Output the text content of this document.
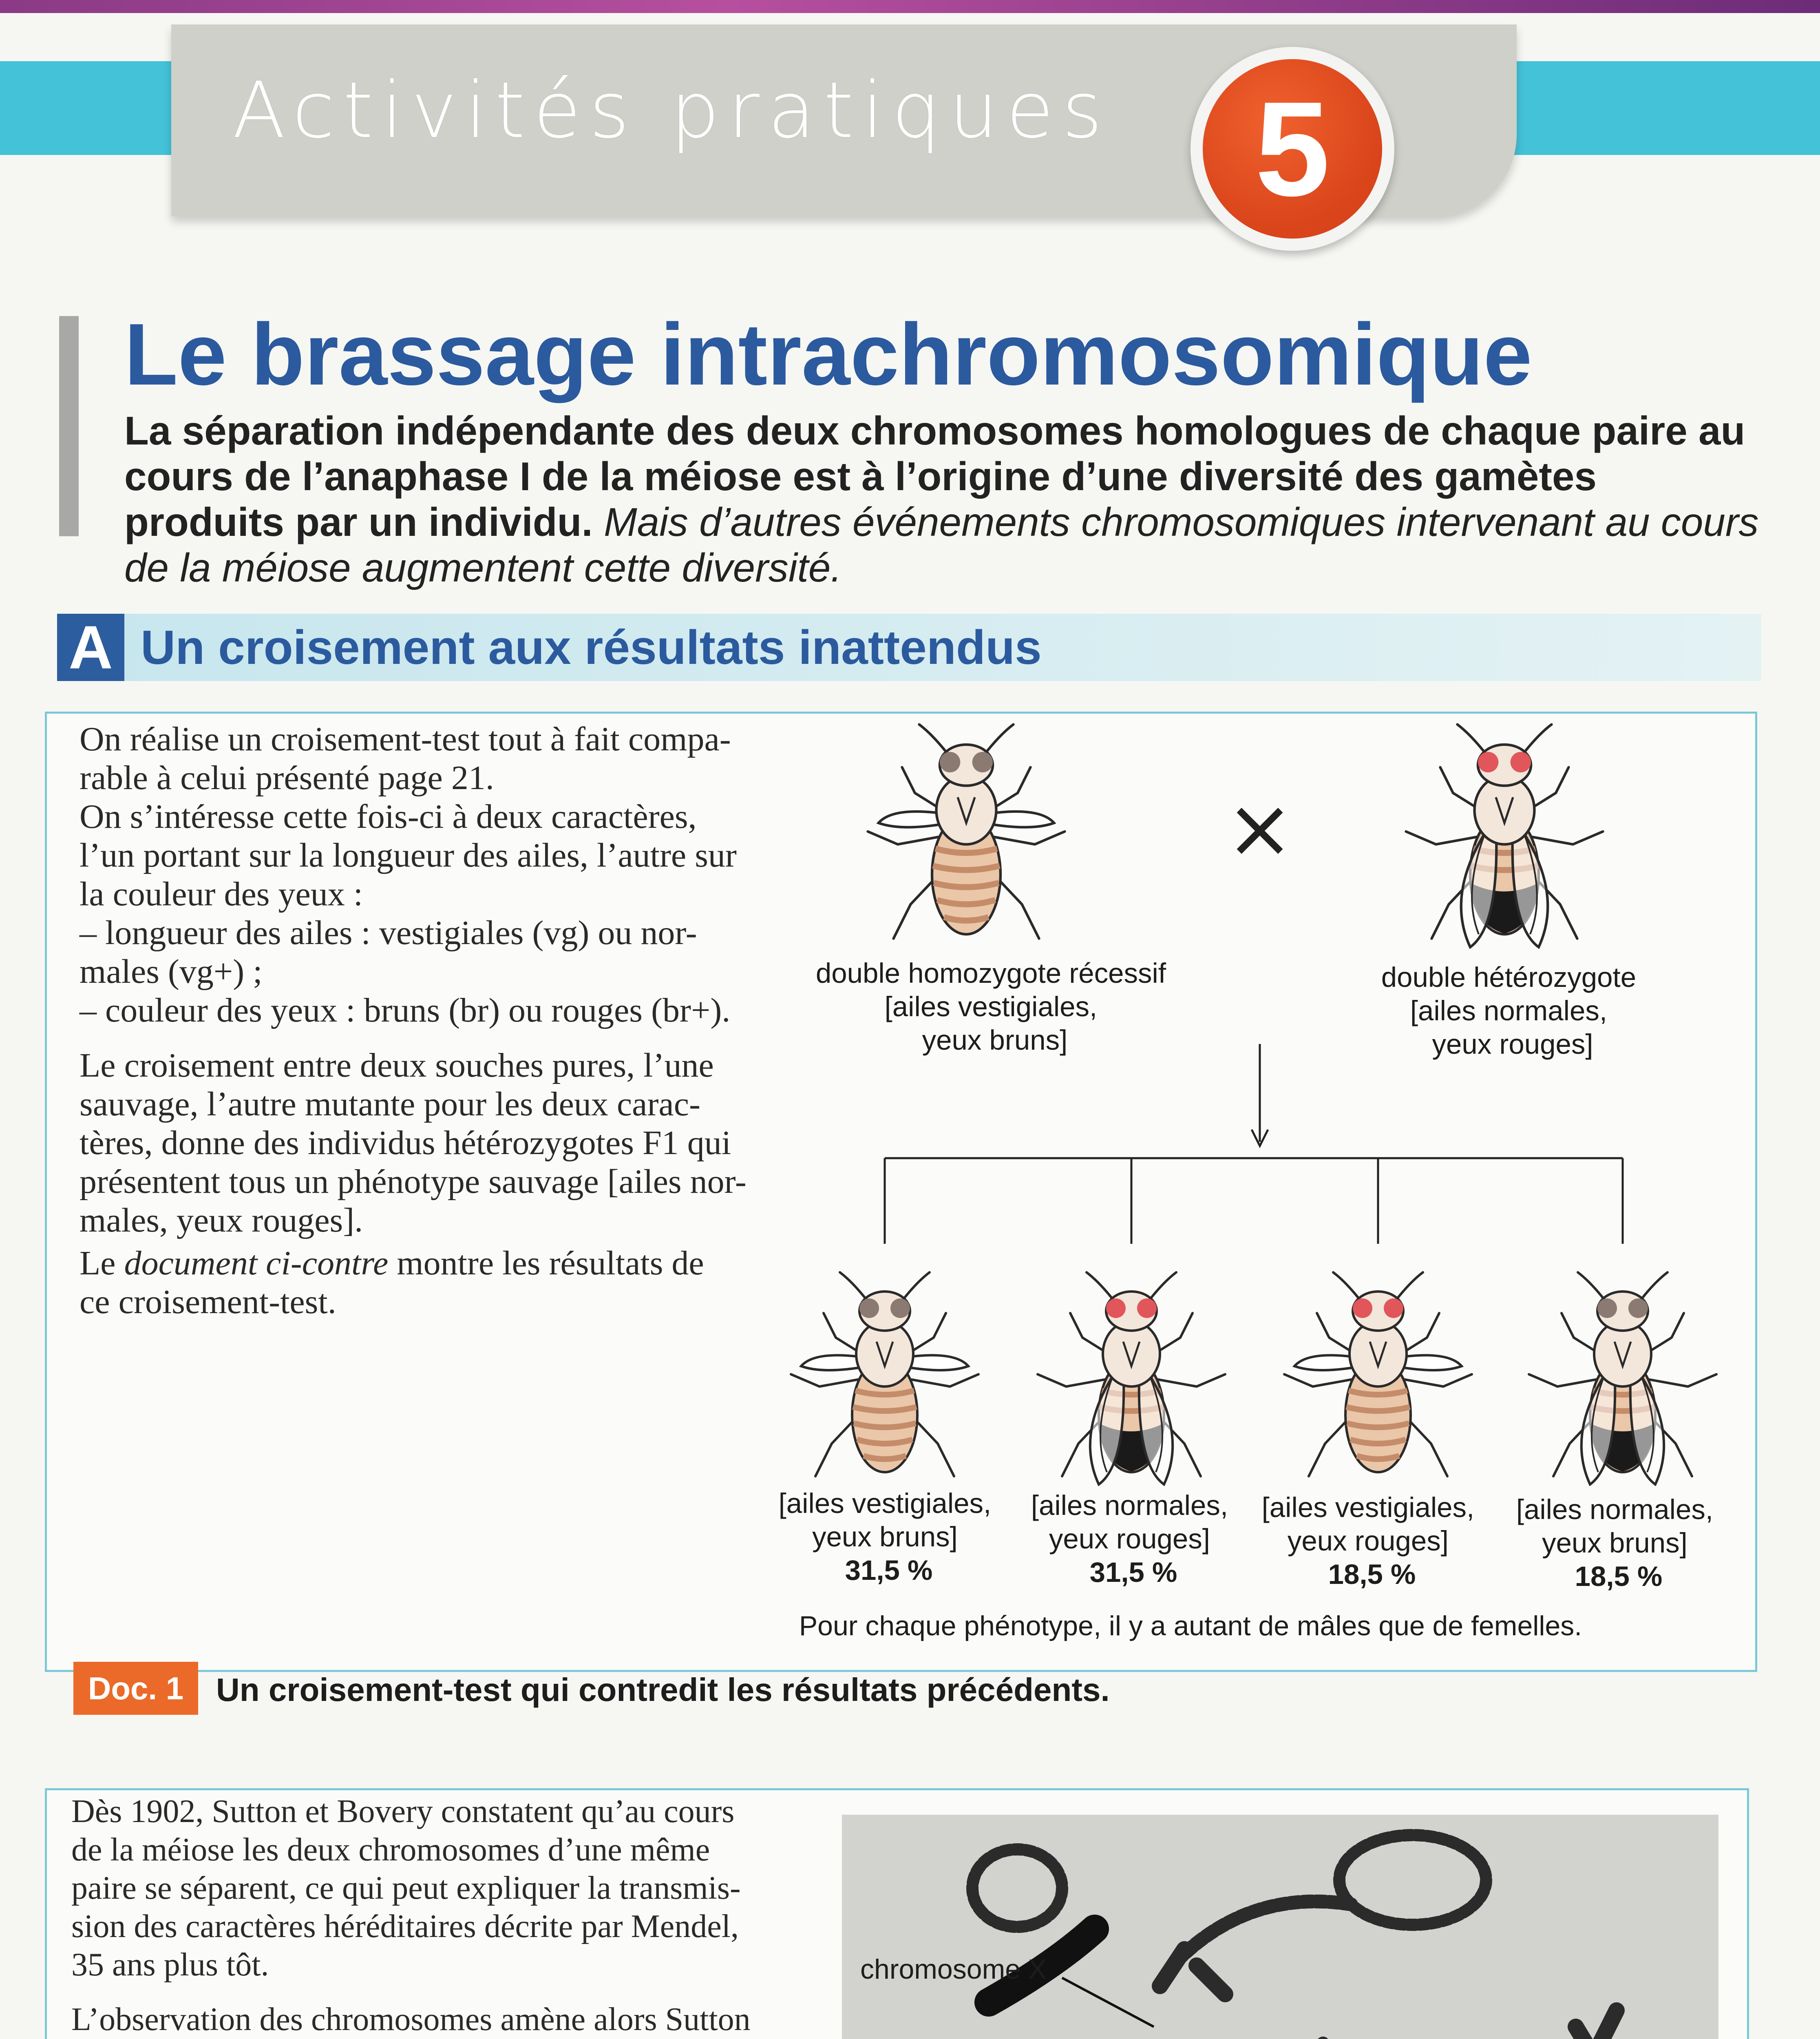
Activités pratiques	5
Le brassage intrachromosomique
La séparation indépendante des deux chromosomes homologues de chaque paire au cours de l’anaphase I de la méiose est à l’origine d’une diversité des gamètes produits par un individu. Mais d’autres événements chromosomiques intervenant au cours de la méiose augmentent cette diversité.
A Un croisement aux résultats inattendus

On réalise un croisement-test tout à fait compa-
rable à celui présenté page 21.
On s’intéresse cette fois-ci à deux caractères,
l’un portant sur la longueur des ailes, l’autre sur
la couleur des yeux :
– longueur des ailes : vestigiales (vg) ou nor-
males (vg+) ;
– couleur des yeux : bruns (br) ou rouges (br+).

Le croisement entre deux souches pures, l’une
sauvage, l’autre mutante pour les deux carac-
tères, donne des individus hétérozygotes F1 qui
présentent tous un phénotype sauvage [ailes nor-
males, yeux rouges].

Le document ci-contre montre les résultats de
ce croisement-test.

×
double homozygote récessif [ailes vestigiales, yeux bruns]
double hétérozygote [ailes normales, yeux rouges]
[ailes vestigiales, yeux bruns] 31,5 %
[ailes normales, yeux rouges] 31,5 %
[ailes vestigiales, yeux rouges] 18,5 %
[ailes normales, yeux bruns] 18,5 %
Pour chaque phénotype, il y a autant de mâles que de femelles.
Doc. 1 Un croisement-test qui contredit les résultats précédents.

Dès 1902, Sutton et Bovery constatent qu’au cours
de la méiose les deux chromosomes d’une même
paire se séparent, ce qui peut expliquer la transmis-
sion des caractères héréditaires décrite par Mendel,
35 ans plus tôt.

L’observation des chromosomes amène alors Sutton

chromosome X
